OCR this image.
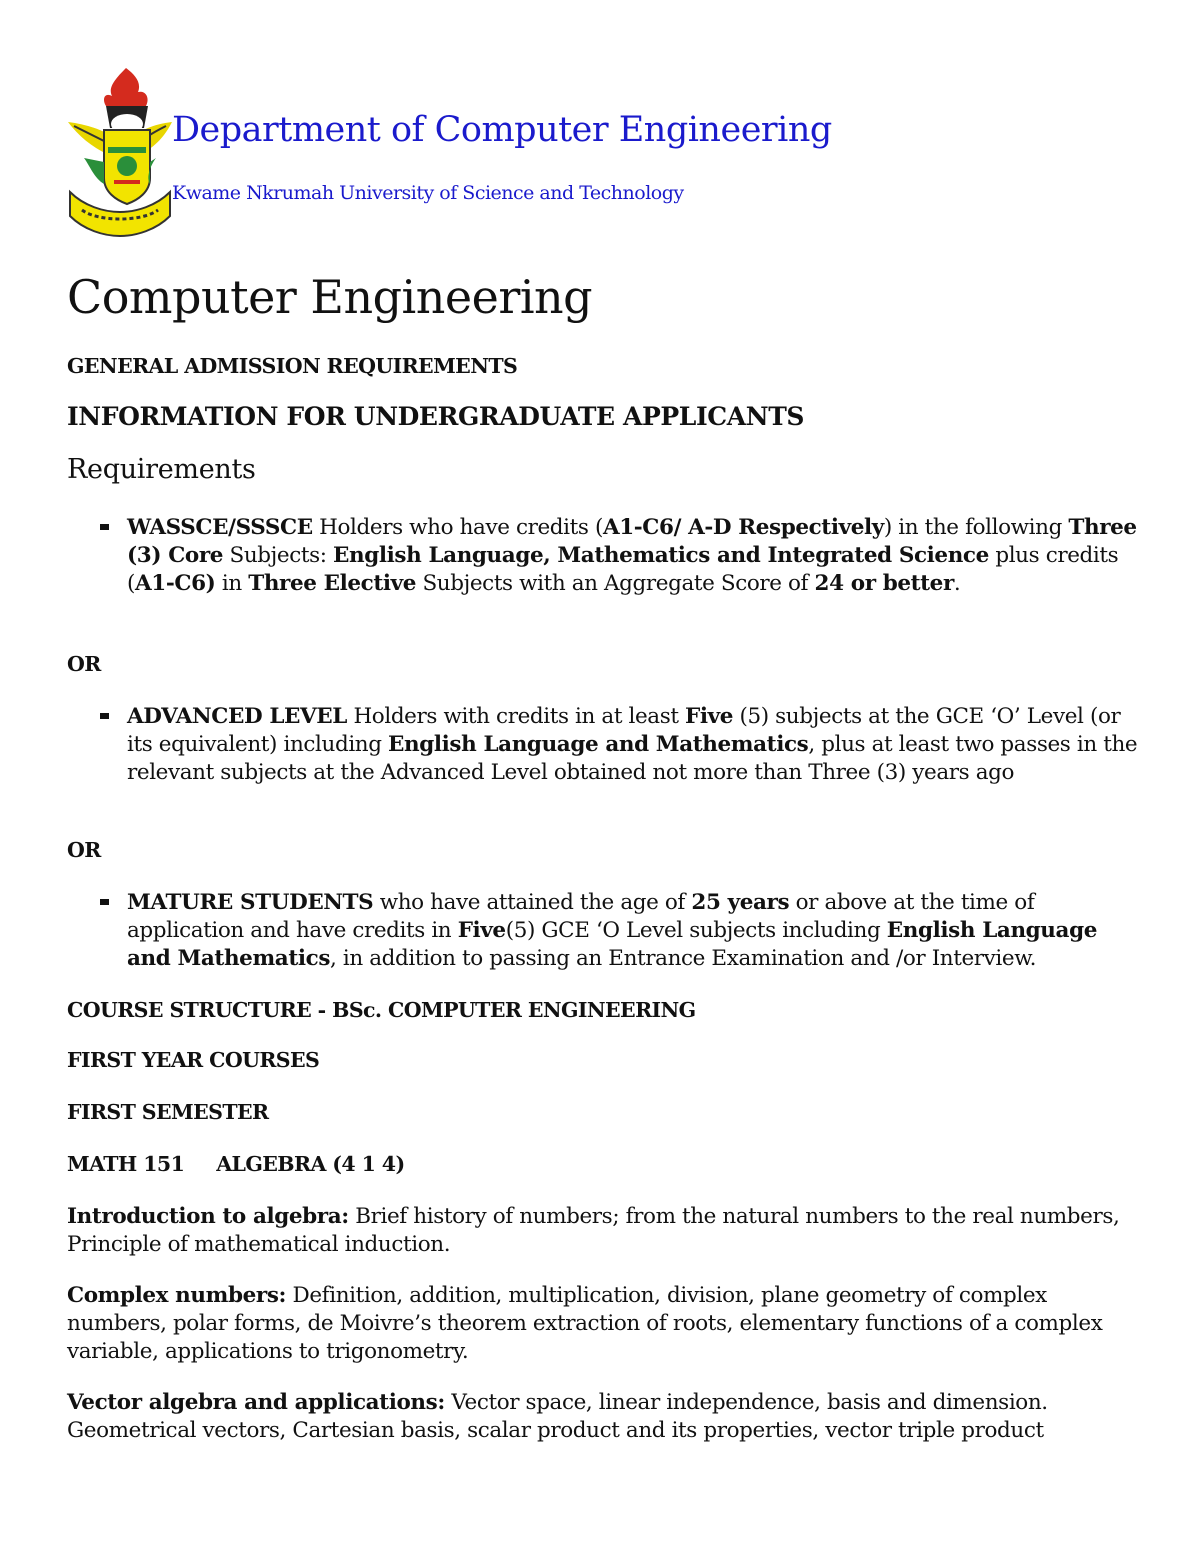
Department of Computer Engineering
Kwame Nkrumah University of Science and Technology
Computer Engineering
GENERAL ADMISSION REQUIREMENTS
INFORMATION FOR UNDERGRADUATE APPLICANTS
Requirements
WASSCE/SSSCE Holders who have credits (A1-C6/ A-D Respectively) in the following Three (3) Core Subjects: English Language, Mathematics and Integrated Science plus credits (A1-C6) in Three Elective Subjects with an Aggregate Score of 24 or better.
OR
ADVANCED LEVEL Holders with credits in at least Five (5) subjects at the GCE ‘O’ Level (or its equivalent) including English Language and Mathematics, plus at least two passes in the relevant subjects at the Advanced Level obtained not more than Three (3) years ago
OR
MATURE STUDENTS who have attained the age of 25 years or above at the time of application and have credits in Five(5) GCE ‘O Level subjects including English Language and Mathematics, in addition to passing an Entrance Examination and /or Interview.
COURSE STRUCTURE - BSc. COMPUTER ENGINEERING
FIRST YEAR COURSES
FIRST SEMESTER
MATH 151 ALGEBRA (4 1 4)
Introduction to algebra: Brief history of numbers; from the natural numbers to the real numbers, Principle of mathematical induction.
Complex numbers: Definition, addition, multiplication, division, plane geometry of complex numbers, polar forms, de Moivre’s theorem extraction of roots, elementary functions of a complex variable, applications to trigonometry.
Vector algebra and applications: Vector space, linear independence, basis and dimension. Geometrical vectors, Cartesian basis, scalar product and its properties, vector triple product
